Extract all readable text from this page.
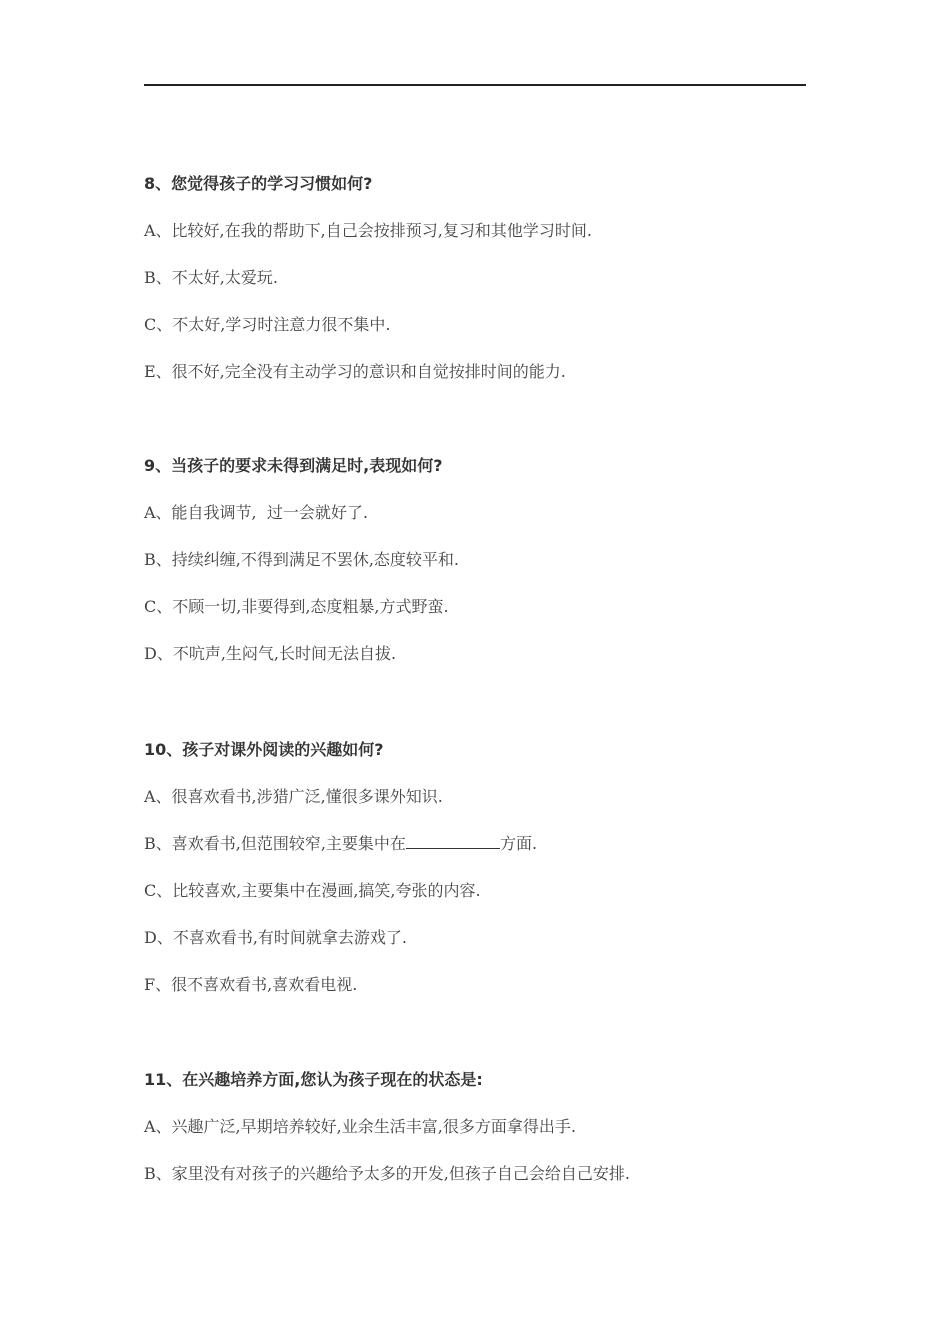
8、您觉得孩子的学习习惯如何?
A、比较好,在我的帮助下,自己会按排预习,复习和其他学习时间.
B、不太好,太爱玩.
C、不太好,学习时注意力很不集中.
E、很不好,完全没有主动学习的意识和自觉按排时间的能力.
9、当孩子的要求未得到满足时,表现如何?
A、能自我调节,  过一会就好了.
B、持续纠缠,不得到满足不罢休,态度较平和.
C、不顾一切,非要得到,态度粗暴,方式野蛮.
D、不吭声,生闷气,长时间无法自拔.
10、孩子对课外阅读的兴趣如何?
A、很喜欢看书,涉猎广泛,懂很多课外知识.
B、喜欢看书,但范围较窄,主要集中在	方面.
C、比较喜欢,主要集中在漫画,搞笑,夸张的内容.
D、不喜欢看书,有时间就拿去游戏了.
F、很不喜欢看书,喜欢看电视.
11、在兴趣培养方面,您认为孩子现在的状态是:
A、兴趣广泛,早期培养较好,业余生活丰富,很多方面拿得出手.
B、家里没有对孩子的兴趣给予太多的开发,但孩子自己会给自己安排.
